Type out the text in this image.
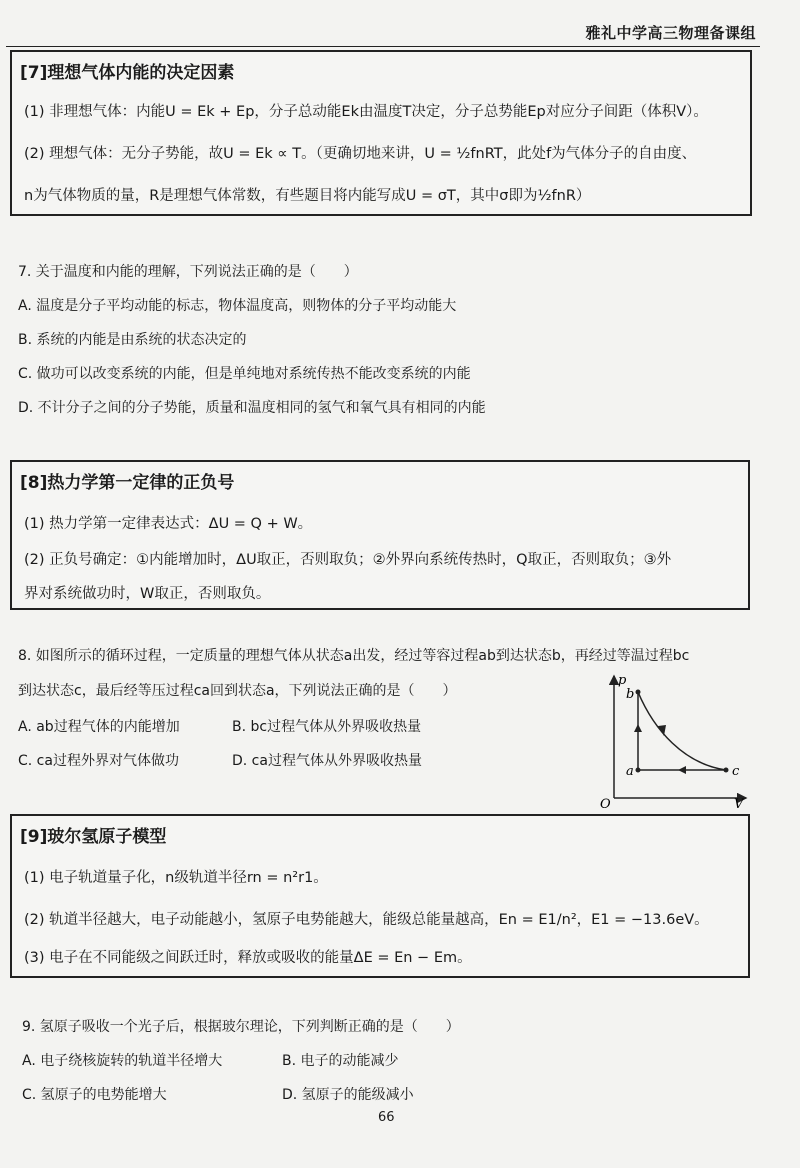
雅礼中学高三物理备课组
[7]理想气体内能的决定因素
(1) 非理想气体：内能U = Ek + Ep，分子总动能Ek由温度T决定，分子总势能Ep对应分子间距（体积V）。
(2) 理想气体：无分子势能，故U = Ek ∝ T。（更确切地来讲，U = ½fnRT，此处f为气体分子的自由度、
n为气体物质的量，R是理想气体常数，有些题目将内能写成U = σT，其中σ即为½fnR）
7. 关于温度和内能的理解，下列说法正确的是（　　）
A. 温度是分子平均动能的标志，物体温度高，则物体的分子平均动能大
B. 系统的内能是由系统的状态决定的
C. 做功可以改变系统的内能，但是单纯地对系统传热不能改变系统的内能
D. 不计分子之间的分子势能，质量和温度相同的氢气和氧气具有相同的内能
[8]热力学第一定律的正负号
(1) 热力学第一定律表达式：ΔU = Q + W。
(2) 正负号确定：①内能增加时，ΔU取正，否则取负；②外界向系统传热时，Q取正，否则取负；③外
界对系统做功时，W取正，否则取负。
8. 如图所示的循环过程，一定质量的理想气体从状态a出发，经过等容过程ab到达状态b，再经过等温过程bc
到达状态c，最后经等压过程ca回到状态a，下列说法正确的是（　　）
A. ab过程气体的内能增加	B. bc过程气体从外界吸收热量
C. ca过程外界对气体做功	D. ca过程气体从外界吸收热量
p
V
O
a
b
c
[9]玻尔氢原子模型
(1) 电子轨道量子化，n级轨道半径rn = n²r1。
(2) 轨道半径越大，电子动能越小，氢原子电势能越大，能级总能量越高，En = E1/n²，E1 = −13.6eV。
(3) 电子在不同能级之间跃迁时，释放或吸收的能量ΔE = En − Em。
9. 氢原子吸收一个光子后，根据玻尔理论，下列判断正确的是（　　）
A. 电子绕核旋转的轨道半径增大	B. 电子的动能减少
C. 氢原子的电势能增大	D. 氢原子的能级减小
66
